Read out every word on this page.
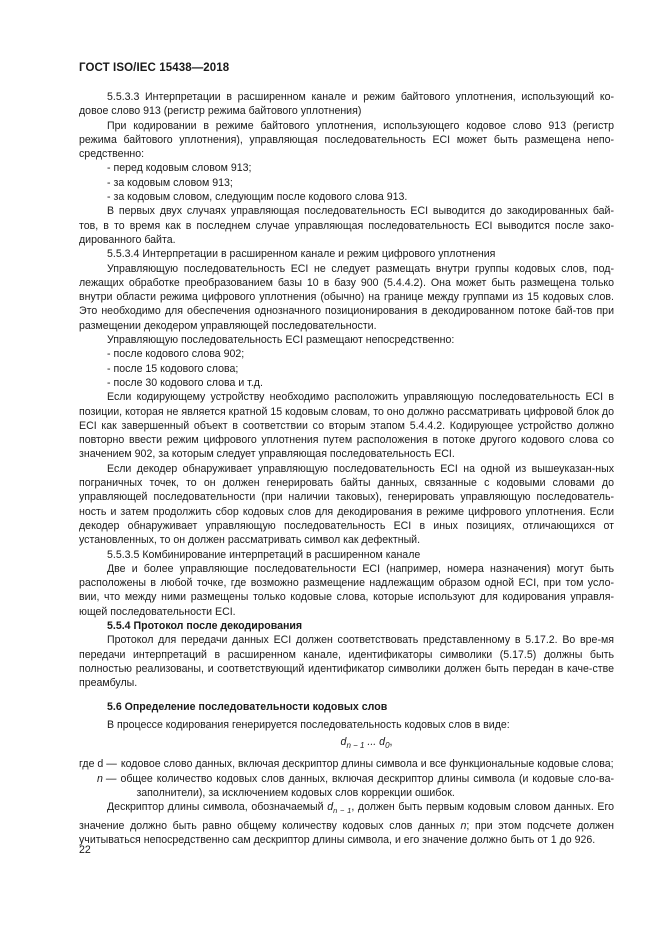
ГОСТ ISO/IEC 15438—2018

5.5.3.3 Интерпретации в расширенном канале и режим байтового уплотнения, использующий ко-довое слово 913 (регистр режима байтового уплотнения)

При кодировании в режиме байтового уплотнения, использующего кодовое слово 913 (регистр режима байтового уплотнения), управляющая последовательность ECI может быть размещена непо-средственно:

- перед кодовым словом 913;

- за кодовым словом 913;

- за кодовым словом, следующим после кодового слова 913.

В первых двух случаях управляющая последовательность ECI выводится до закодированных бай-тов, в то время как в последнем случае управляющая последовательность ECI выводится после зако-дированного байта.

5.5.3.4 Интерпретации в расширенном канале и режим цифрового уплотнения

Управляющую последовательность ECI не следует размещать внутри группы кодовых слов, под-лежащих обработке преобразованием базы 10 в базу 900 (5.4.4.2). Она может быть размещена только внутри области режима цифрового уплотнения (обычно) на границе между группами из 15 кодовых слов. Это необходимо для обеспечения однозначного позиционирования в декодированном потоке бай-тов при размещении декодером управляющей последовательности.

Управляющую последовательность ECI размещают непосредственно:

- после кодового слова 902;

- после 15 кодового слова;

- после 30 кодового слова и т.д.

Если кодирующему устройству необходимо расположить управляющую последовательность ECI в позиции, которая не является кратной 15 кодовым словам, то оно должно рассматривать цифровой блок до ECI как завершенный объект в соответствии со вторым этапом 5.4.4.2. Кодирующее устройство должно повторно ввести режим цифрового уплотнения путем расположения в потоке другого кодового слова со значением 902, за которым следует управляющая последовательность ECI.

Если декодер обнаруживает управляющую последовательность ECI на одной из вышеуказан-ных пограничных точек, то он должен генерировать байты данных, связанные с кодовыми словами до управляющей последовательности (при наличии таковых), генерировать управляющую последователь-ность и затем продолжить сбор кодовых слов для декодирования в режиме цифрового уплотнения. Если декодер обнаруживает управляющую последовательность ECI в иных позициях, отличающихся от установленных, то он должен рассматривать символ как дефектный.

5.5.3.5 Комбинирование интерпретаций в расширенном канале

Две и более управляющие последовательности ECI (например, номера назначения) могут быть расположены в любой точке, где возможно размещение надлежащим образом одной ECI, при том усло-вии, что между ними размещены только кодовые слова, которые используют для кодирования управля-ющей последовательности ECI.

5.5.4 Протокол после декодирования

Протокол для передачи данных ECI должен соответствовать представленному в 5.17.2. Во вре-мя передачи интерпретаций в расширенном канале, идентификаторы символики (5.17.5) должны быть полностью реализованы, и соответствующий идентификатор символики должен быть передан в каче-стве преамбулы.

5.6 Определение последовательности кодовых слов

В процессе кодирования генерируется последовательность кодовых слов в виде:

$d_{n - 1}$ ... $d_0$,

где d — кодовое слово данных, включая дескриптор длины символа и все функциональные кодовые слова;
n — общее количество кодовых слов данных, включая дескриптор длины символа (и кодовые сло-ва-заполнители), за исключением кодовых слов коррекции ошибок.

Дескриптор длины символа, обозначаемый $d_{n - 1}$, должен быть первым кодовым словом данных. Его значение должно быть равно общему количеству кодовых слов данных n; при этом подсчете должен учитываться непосредственно сам дескриптор длины символа, и его значение должно быть от 1 до 926.

22
